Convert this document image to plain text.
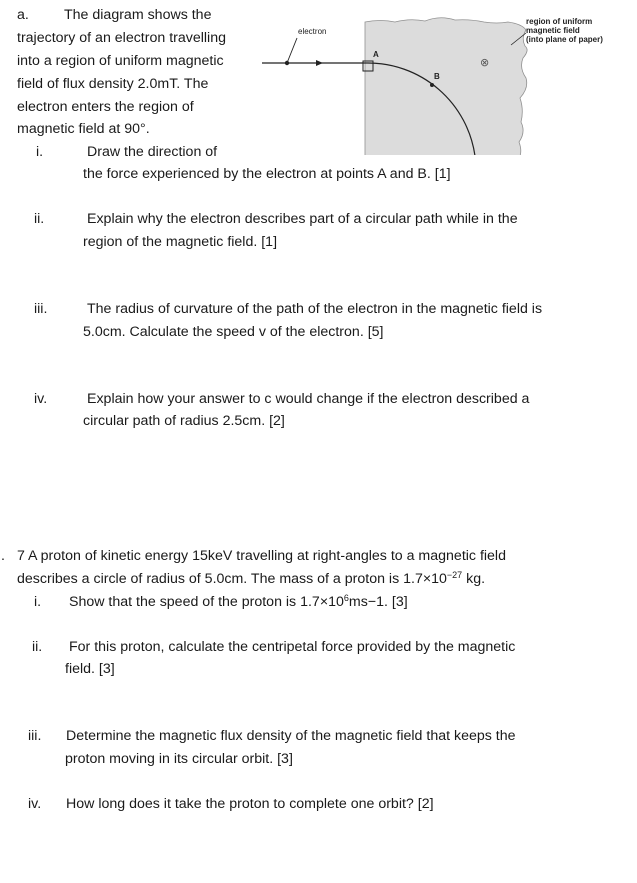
a. The diagram shows the
trajectory of an electron travelling
into a region of uniform magnetic
field of flux density 2.0mT. The
electron enters the region of
magnetic field at 90°.
i.	Draw the direction of
the force experienced by the electron at points A and B. [1]
ii.	Explain why the electron describes part of a circular path while in the
region of the magnetic field. [1]
iii.	The radius of curvature of the path of the electron in the magnetic field is
5.0cm. Calculate the speed v of the electron. [5]
iv.	Explain how your answer to c would change if the electron described a
circular path of radius 2.5cm. [2]
electron
A
B
⊗
region of uniform
magnetic field
(into plane of paper)
. 7 A proton of kinetic energy 15keV travelling at right-angles to a magnetic field
describes a circle of radius of 5.0cm. The mass of a proton is $1.7\times 10^{-27}$ kg.
i. Show that the speed of the proton is $1.7\times 10^6ms-1$. [3]
ii. For this proton, calculate the centripetal force provided by the magnetic
field. [3]
iii. Determine the magnetic flux density of the magnetic field that keeps the
proton moving in its circular orbit. [3]
iv. How long does it take the proton to complete one orbit? [2]
